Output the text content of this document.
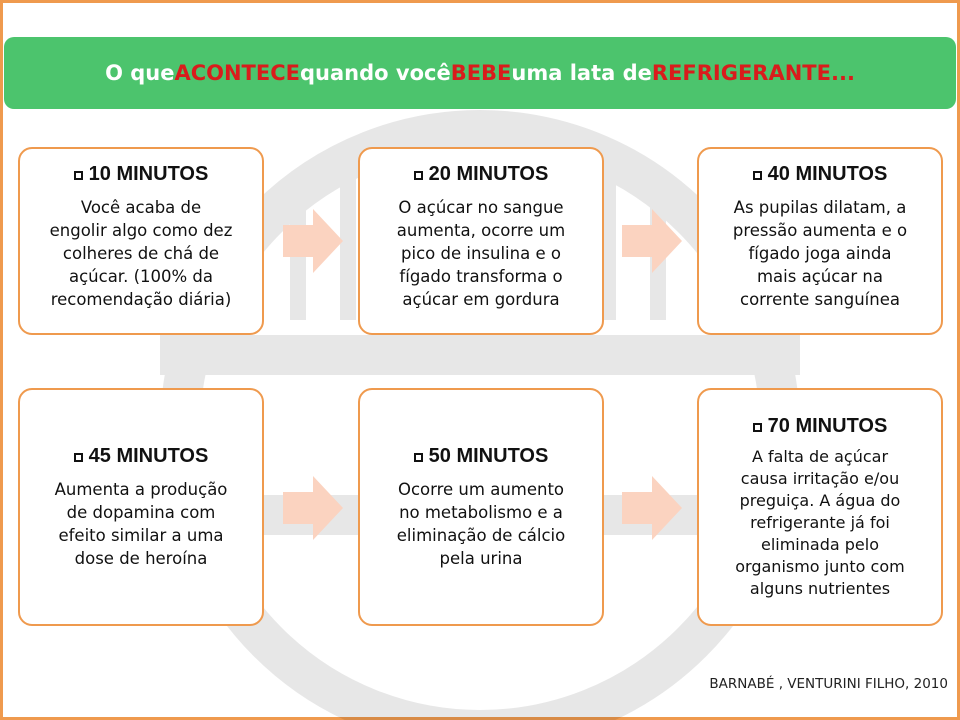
O que ACONTECE quando você BEBE uma lata de REFRIGERANTE ...
10 MINUTOS
Você acaba de
engolir algo como dez
colheres de chá de
açúcar. (100% da
recomendação diária)
20 MINUTOS
O açúcar no sangue
aumenta, ocorre um
pico de insulina e o
fígado transforma o
açúcar em gordura
40 MINUTOS
As pupilas dilatam, a
pressão aumenta e o
fígado joga ainda
mais açúcar na
corrente sanguínea
45 MINUTOS
Aumenta a produção
de dopamina com
efeito similar a uma
dose de heroína
50 MINUTOS
Ocorre um aumento
no metabolismo e a
eliminação de cálcio
pela urina
70 MINUTOS
A falta de açúcar
causa irritação e/ou
preguiça. A água do
refrigerante já foi
eliminada pelo
organismo junto com
alguns nutrientes
BARNABÉ , VENTURINI FILHO, 2010
